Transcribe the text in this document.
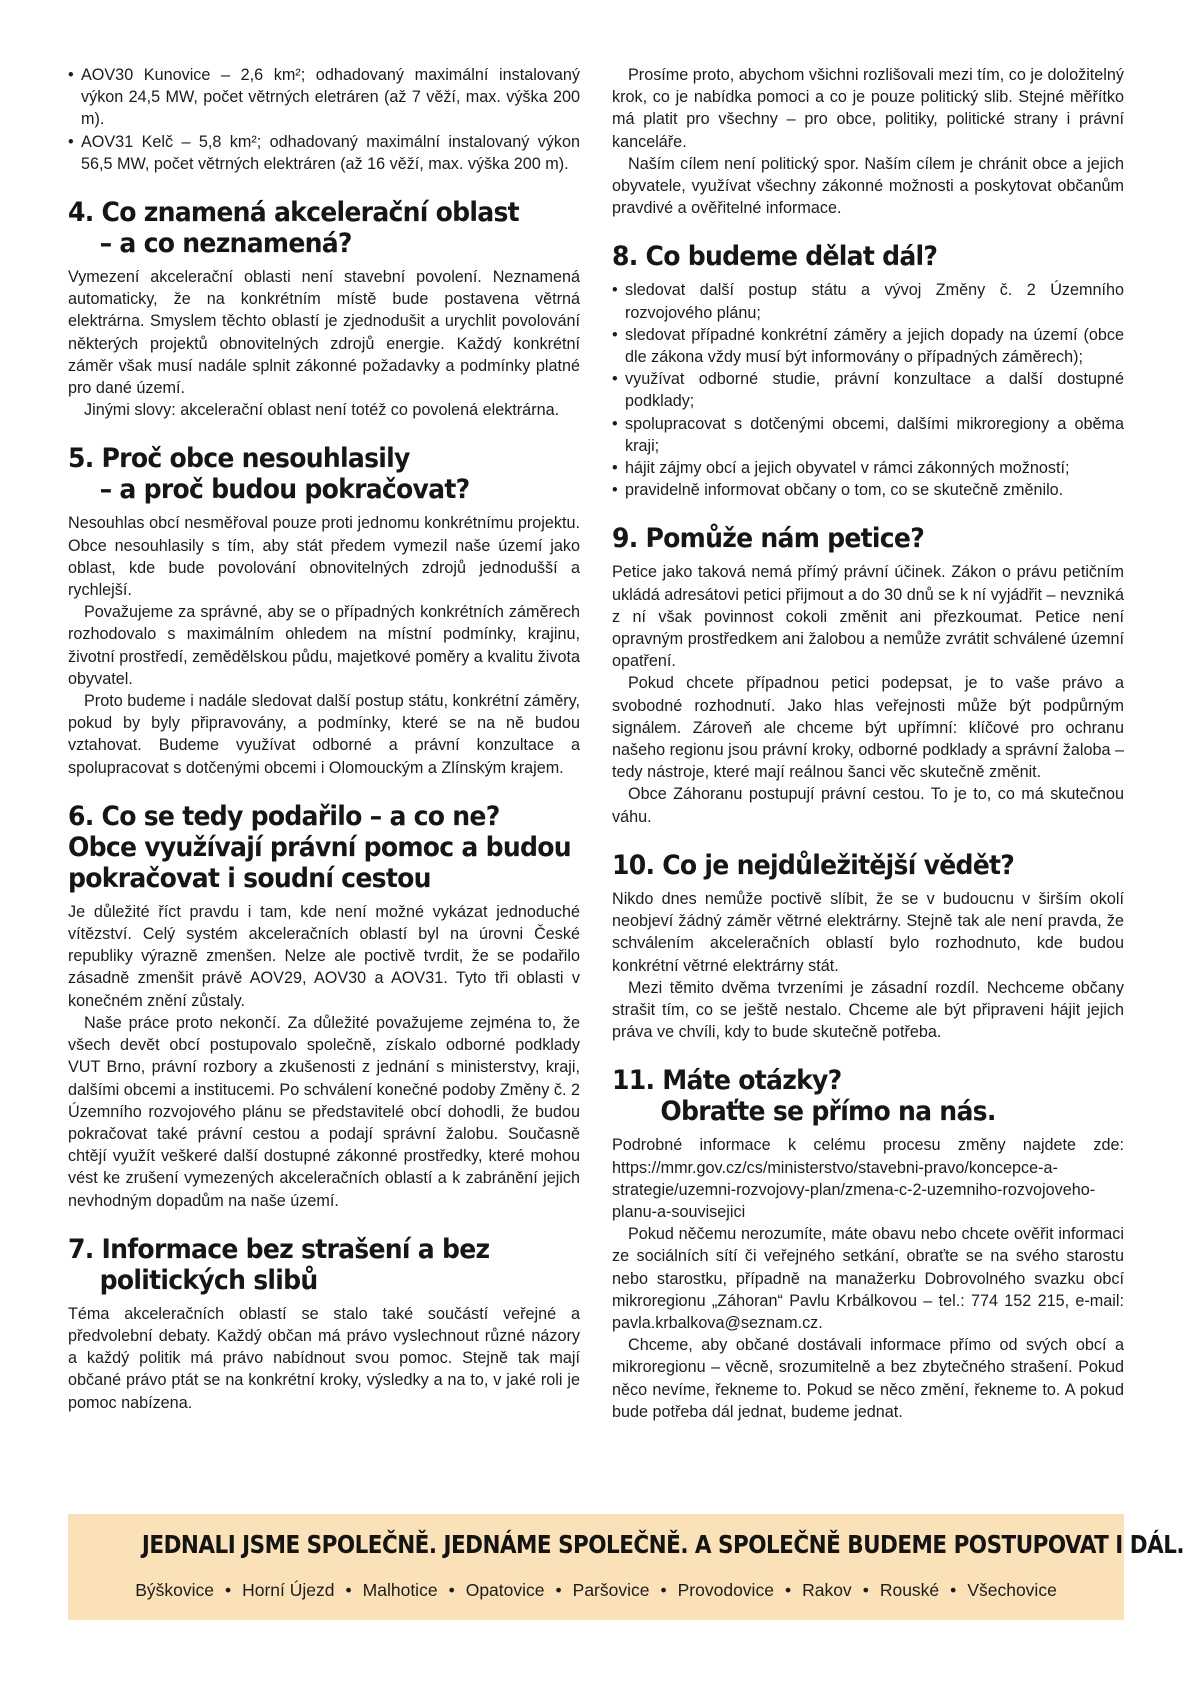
• AOV30 Kunovice – 2,6 km²; odhadovaný maximální instalovaný výkon 24,5 MW, počet větrných eletráren (až 7 věží, max. výška 200 m).
• AOV31 Kelč – 5,8 km²; odhadovaný maximální instalovaný výkon 56,5 MW, počet větrných elektráren (až 16 věží, max. výška 200 m).
4. Co znamená akcelerační oblast
– a co neznamená?

Vymezení akcelerační oblasti není stavební povolení. Neznamená automaticky, že na konkrétním místě bude postavena větrná elektrárna. Smyslem těchto oblastí je zjednodušit a urychlit povolování některých projektů obnovitelných zdrojů energie. Každý konkrétní záměr však musí nadále splnit zákonné požadavky a podmínky platné pro dané území.

Jinými slovy: akcelerační oblast není totéž co povolená elektrárna.

5. Proč obce nesouhlasily
– a proč budou pokračovat?

Nesouhlas obcí nesměřoval pouze proti jednomu konkrétnímu projektu. Obce nesouhlasily s tím, aby stát předem vymezil naše území jako oblast, kde bude povolování obnovitelných zdrojů jednodušší a rychlejší.

Považujeme za správné, aby se o případných konkrétních záměrech rozhodovalo s maximálním ohledem na místní podmínky, krajinu, životní prostředí, zemědělskou půdu, majetkové poměry a kvalitu života obyvatel.

Proto budeme i nadále sledovat další postup státu, konkrétní záměry, pokud by byly připravovány, a podmínky, které se na ně budou vztahovat. Budeme využívat odborné a právní konzultace a spolupracovat s dotčenými obcemi i Olomouckým a Zlínským krajem.

6. Co se tedy podařilo – a co ne?
Obce využívají právní pomoc a budou
pokračovat i soudní cestou

Je důležité říct pravdu i tam, kde není možné vykázat jednoduché vítězství. Celý systém akceleračních oblastí byl na úrovni České republiky výrazně zmenšen. Nelze ale poctivě tvrdit, že se podařilo zásadně zmenšit právě AOV29, AOV30 a AOV31. Tyto tři oblasti v konečném znění zůstaly.

Naše práce proto nekončí. Za důležité považujeme zejména to, že všech devět obcí postupovalo společně, získalo odborné podklady VUT Brno, právní rozbory a zkušenosti z jednání s ministerstvy, kraji, dalšími obcemi a institucemi. Po schválení konečné podoby Změny č. 2 Územního rozvojového plánu se představitelé obcí dohodli, že budou pokračovat také právní cestou a podají správní žalobu. Současně chtějí využít veškeré další dostupné zákonné prostředky, které mohou vést ke zrušení vymezených akceleračních oblastí a k zabránění jejich nevhodným dopadům na naše území.

7. Informace bez strašení a bez
politických slibů

Téma akceleračních oblastí se stalo také součástí veřejné a předvolební debaty. Každý občan má právo vyslechnout různé názory a každý politik má právo nabídnout svou pomoc. Stejně tak mají občané právo ptát se na konkrétní kroky, výsledky a na to, v jaké roli je pomoc nabízena.

Prosíme proto, abychom všichni rozlišovali mezi tím, co je doložitelný krok, co je nabídka pomoci a co je pouze politický slib. Stejné měřítko má platit pro všechny – pro obce, politiky, politické strany i právní kanceláře.

Naším cílem není politický spor. Naším cílem je chránit obce a jejich obyvatele, využívat všechny zákonné možnosti a poskytovat občanům pravdivé a ověřitelné informace.

8. Co budeme dělat dál?
• sledovat další postup státu a vývoj Změny č. 2 Územního rozvojového plánu;
• sledovat případné konkrétní záměry a jejich dopady na území (obce dle zákona vždy musí být informovány o případných záměrech);
• využívat odborné studie, právní konzultace a další dostupné podklady;
• spolupracovat s dotčenými obcemi, dalšími mikroregiony a oběma kraji;
• hájit zájmy obcí a jejich obyvatel v rámci zákonných možností;
• pravidelně informovat občany o tom, co se skutečně změnilo.
9. Pomůže nám petice?

Petice jako taková nemá přímý právní účinek. Zákon o právu petičním ukládá adresátovi petici přijmout a do 30 dnů se k ní vyjádřit – nevzniká z ní však povinnost cokoli změnit ani přezkoumat. Petice není opravným prostředkem ani žalobou a nemůže zvrátit schválené územní opatření.

Pokud chcete případnou petici podepsat, je to vaše právo a svobodné rozhodnutí. Jako hlas veřejnosti může být podpůrným signálem. Zároveň ale chceme být upřímní: klíčové pro ochranu našeho regionu jsou právní kroky, odborné podklady a správní žaloba – tedy nástroje, které mají reálnou šanci věc skutečně změnit.

Obce Záhoranu postupují právní cestou. To je to, co má skutečnou váhu.

10. Co je nejdůležitější vědět?

Nikdo dnes nemůže poctivě slíbit, že se v budoucnu v širším okolí neobjeví žádný záměr větrné elektrárny. Stejně tak ale není pravda, že schválením akceleračních oblastí bylo rozhodnuto, kde budou konkrétní větrné elektrárny stát.

Mezi těmito dvěma tvrzeními je zásadní rozdíl. Nechceme občany strašit tím, co se ještě nestalo. Chceme ale být připraveni hájit jejich práva ve chvíli, kdy to bude skutečně potřeba.

11. Máte otázky?
Obraťte se přímo na nás.

Podrobné informace k celému procesu změny najdete zde: https://mmr.gov.cz/cs/ministerstvo/stavebni-pravo/koncepce-a-strategie/uzemni-rozvojovy-plan/zmena-c-2-uzemniho-rozvojoveho-planu-a-souvisejici

Pokud něčemu nerozumíte, máte obavu nebo chcete ověřit informaci ze sociálních sítí či veřejného setkání, obraťte se na svého starostu nebo starostku, případně na manažerku Dobrovolného svazku obcí mikroregionu „Záhoran“ Pavlu Krbálkovou – tel.: 774 152 215, e-mail: pavla.krbalkova@seznam.cz.

Chceme, aby občané dostávali informace přímo od svých obcí a mikroregionu – věcně, srozumitelně a bez zbytečného strašení. Pokud něco nevíme, řekneme to. Pokud se něco změní, řekneme to. A pokud bude potřeba dál jednat, budeme jednat.

JEDNALI JSME SPOLEČNĚ. JEDNÁME SPOLEČNĚ. A SPOLEČNĚ BUDEME POSTUPOVAT I DÁL.
Býškovice • Horní Újezd • Malhotice • Opatovice • Paršovice • Provodovice • Rakov • Rouské • Všechovice
